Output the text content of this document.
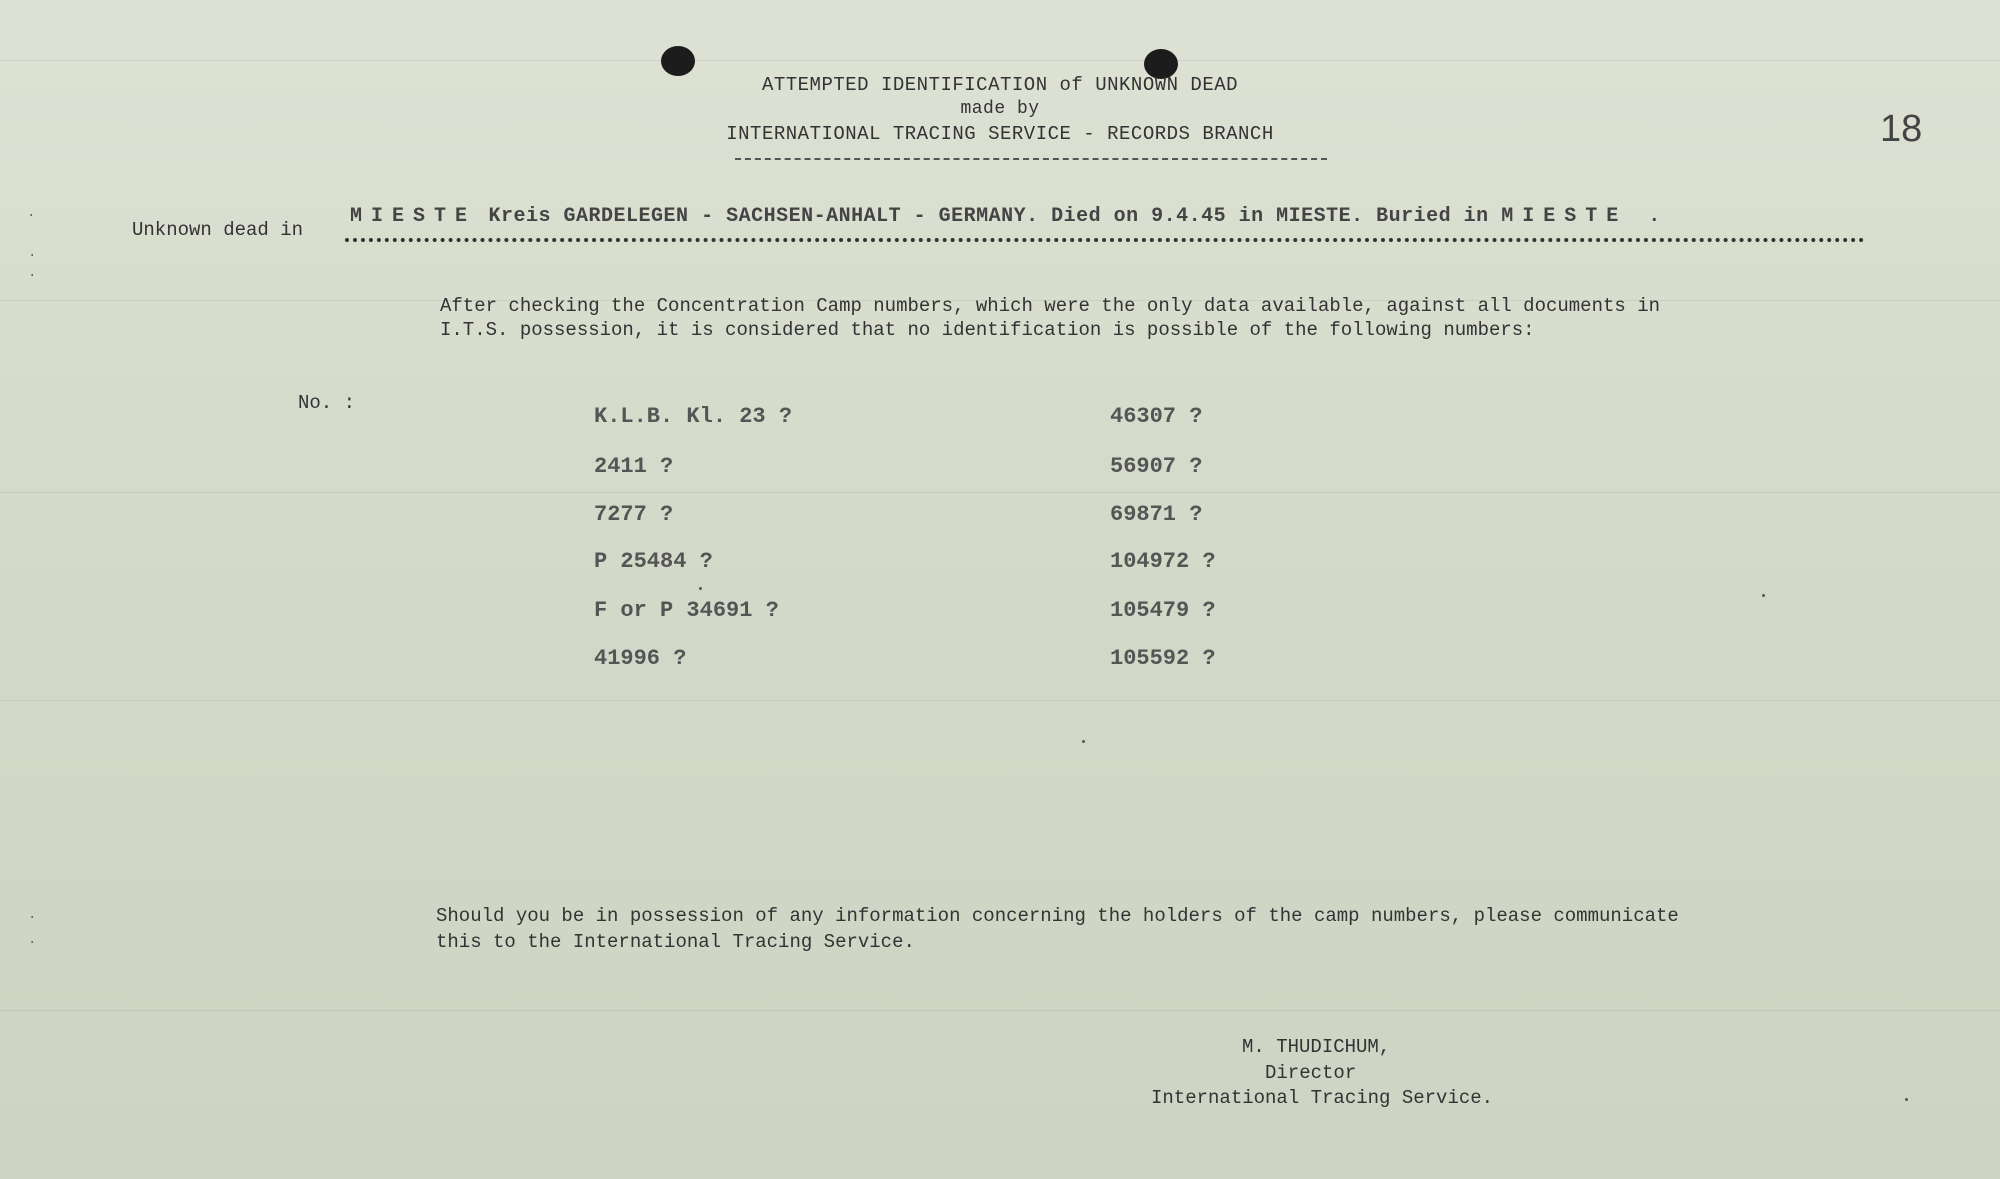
ATTEMPTED IDENTIFICATION of UNKNOWN DEAD
made by
INTERNATIONAL TRACING SERVICE - RECORDS BRANCH	18
·
·
·
·
·
Unknown dead in
MIESTE Kreis GARDELEGEN - SACHSEN-ANHALT - GERMANY. Died on 9.4.45 in MIESTE. Buried in MIESTE .
After checking the Concentration Camp numbers, which were the only data available, against all documents in I.T.S. possession, it is considered that no identification is possible of the following numbers:
No. :
K.L.B. Kl. 23 ?
2411 ?
7277 ?
P 25484 ?
F or P 34691 ?
41996 ?
46307 ?
56907 ?
69871 ?
104972 ?
105479 ?
105592 ?
Should you be in possession of any information concerning the holders of the camp numbers, please communicate this to the International Tracing Service.
M. THUDICHUM,
Director
International Tracing Service.
